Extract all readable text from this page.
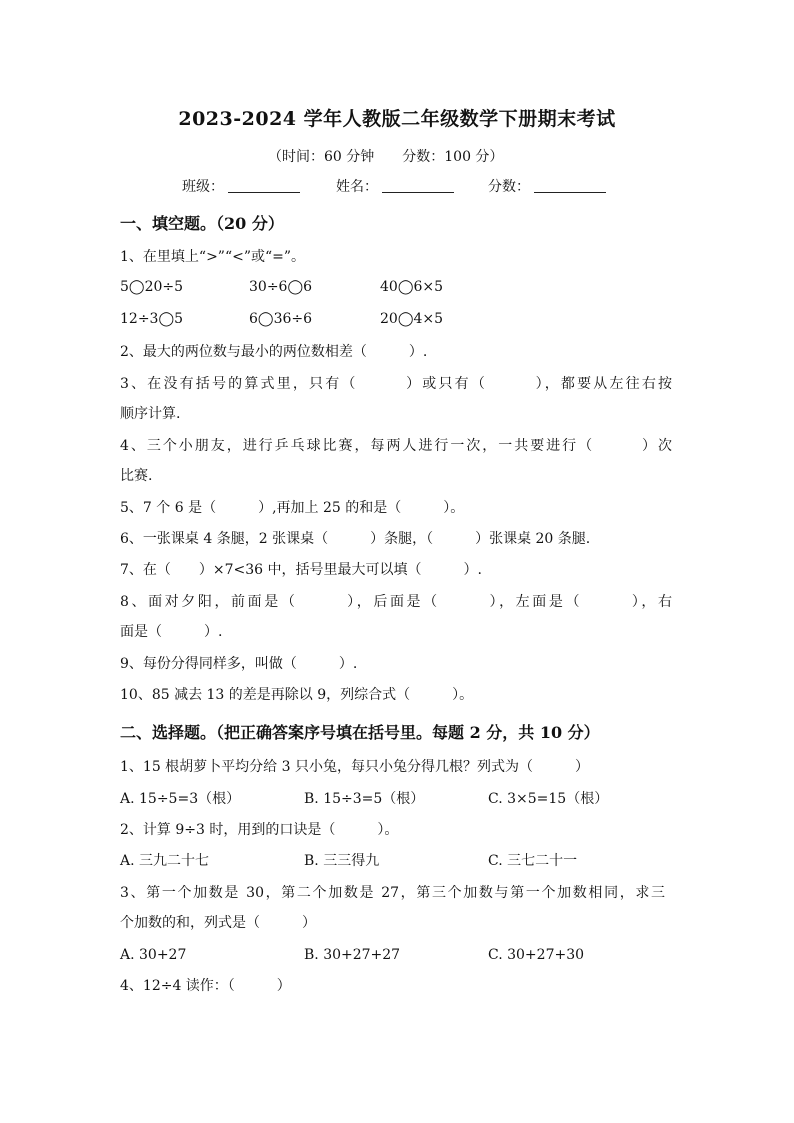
2023-2024 学年人教版二年级数学下册期末考试
（时间：60 分钟 分数：100 分）
班级：	姓名：	分数：
一、填空题。（20 分）
1、在里填上“>”“<”或“=”。
5◯20÷5	30÷6◯6	40◯6×5
12÷3◯5	6◯36÷6	20◯4×5
2、最大的两位数与最小的两位数相差（　　　）.
3、在没有括号的算式里，只有（　　　）或只有（　　　），都要从左往右按
顺序计算.
4、三个小朋友，进行乒乓球比赛，每两人进行一次，一共要进行（　　　）次
比赛.
5、7 个 6 是（　　　）,再加上 25 的和是（　　　）。
6、一张课桌 4 条腿，2 张课桌（　　　）条腿，（　　　）张课桌 20 条腿.
7、在（　　）×7<36 中，括号里最大可以填（　　　）.
8、面对夕阳，前面是（　　　），后面是（　　　），左面是（　　　），右
面是（　　　）.
9、每份分得同样多，叫做（　　　）.
10、85 减去 13 的差是再除以 9，列综合式（　　　）。
二、选择题。（把正确答案序号填在括号里。每题 2 分，共 10 分）
1、15 根胡萝卜平均分给 3 只小兔，每只小兔分得几根？列式为（　　　）
A. 15÷5=3（根）	B. 15÷3=5（根）	C. 3×5=15（根）
2、计算 9÷3 时，用到的口诀是（　　　）。
A. 三九二十七	B. 三三得九	C. 三七二十一
3、第一个加数是 30，第二个加数是 27，第三个加数与第一个加数相同，求三
个加数的和，列式是（　　　）
A. 30+27	B. 30+27+27	C. 30+27+30
4、12÷4 读作：（　　　）
